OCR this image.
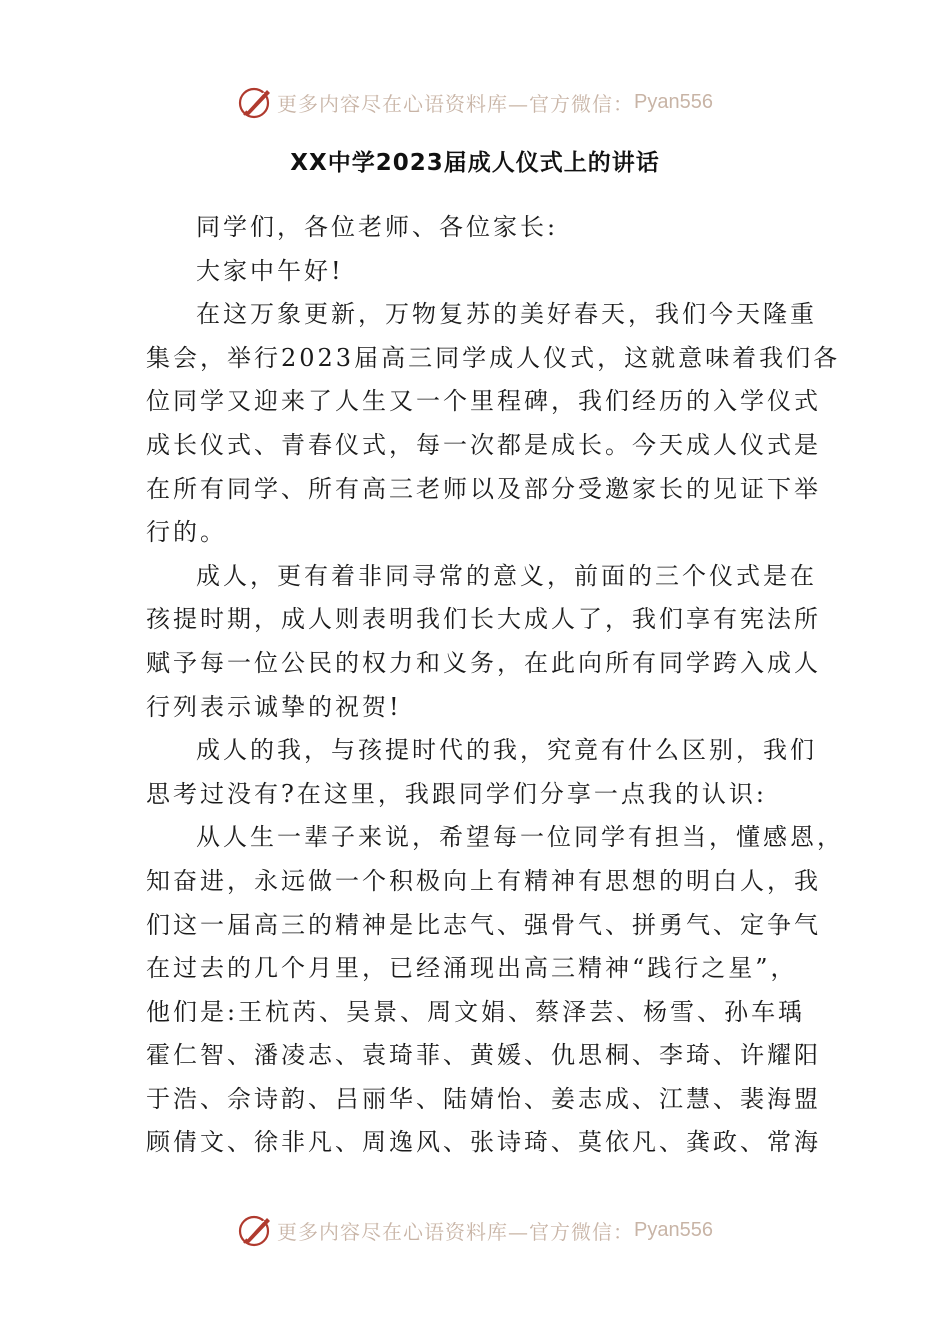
更多内容尽在心语资料库—官方微信： Pyan556
XX中学2023届成人仪式上的讲话
同学们，各位老师、各位家长:
大家中午好!
在这万象更新，万物复苏的美好春天，我们今天隆重
集会，举行2023届高三同学成人仪式，这就意味着我们各
位同学又迎来了人生又一个里程碑，我们经历的入学仪式
成长仪式、青春仪式，每一次都是成长。今天成人仪式是
在所有同学、所有高三老师以及部分受邀家长的见证下举
行的。
成人，更有着非同寻常的意义，前面的三个仪式是在
孩提时期，成人则表明我们长大成人了，我们享有宪法所
赋予每一位公民的权力和义务，在此向所有同学跨入成人
行列表示诚挚的祝贺!
成人的我，与孩提时代的我，究竟有什么区别，我们
思考过没有?在这里，我跟同学们分享一点我的认识:
从人生一辈子来说，希望每一位同学有担当，懂感恩，
知奋进，永远做一个积极向上有精神有思想的明白人，我
们这一届高三的精神是比志气、强骨气、拼勇气、定争气
在过去的几个月里，已经涌现出高三精神“践行之星”，
他们是:王杭芮、吴景、周文娟、蔡泽芸、杨雪、孙车瑀
霍仁智、潘凌志、袁琦菲、黄媛、仇思桐、李琦、许耀阳
于浩、佘诗韵、吕丽华、陆婧怡、姜志成、江慧、裴海盟
顾倩文、徐非凡、周逸风、张诗琦、莫依凡、龚政、常海
更多内容尽在心语资料库—官方微信： Pyan556
